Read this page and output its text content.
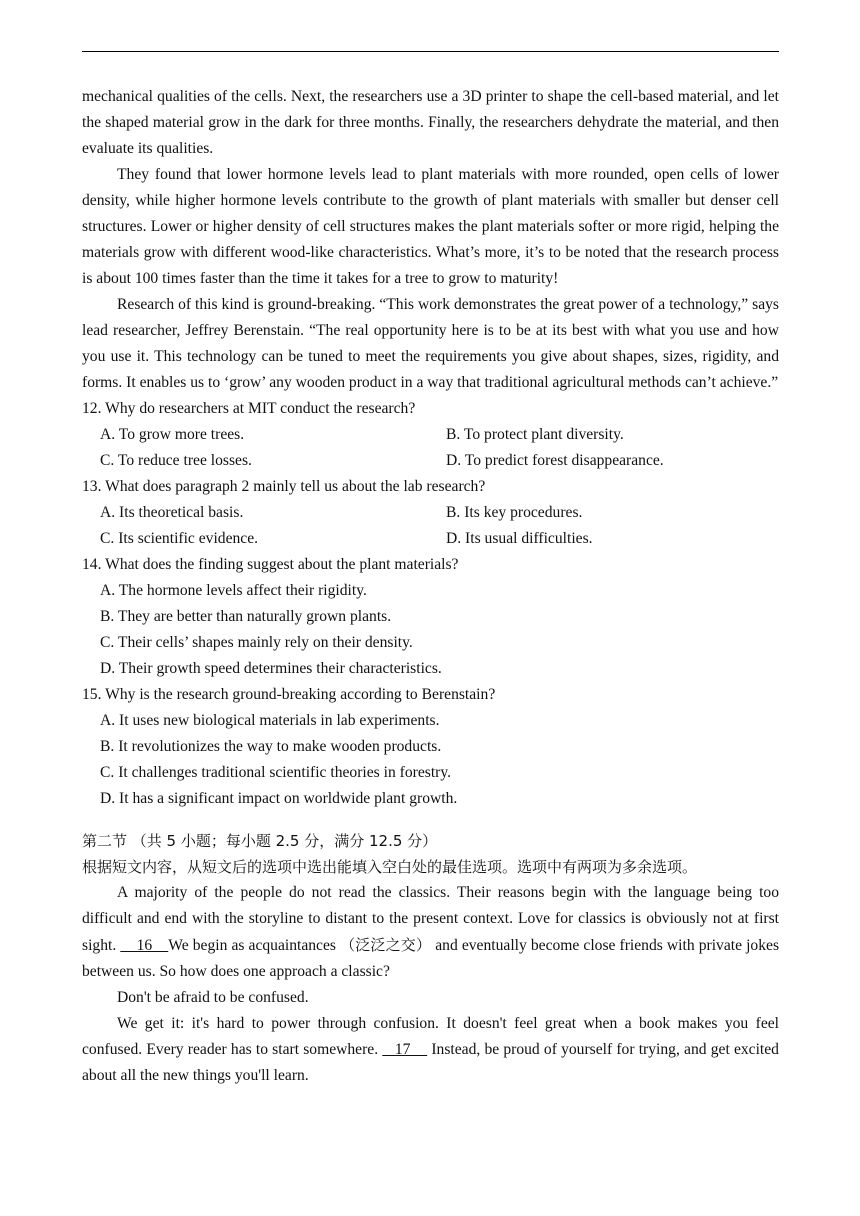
mechanical qualities of the cells. Next, the researchers use a 3D printer to shape the cell-based material, and let the shaped material grow in the dark for three months. Finally, the researchers dehydrate the material, and then evaluate its qualities.

They found that lower hormone levels lead to plant materials with more rounded, open cells of lower density, while higher hormone levels contribute to the growth of plant materials with smaller but denser cell structures. Lower or higher density of cell structures makes the plant materials softer or more rigid, helping the materials grow with different wood-like characteristics. What’s more, it’s to be noted that the research process is about 100 times faster than the time it takes for a tree to grow to maturity!

Research of this kind is ground-breaking. “This work demonstrates the great power of a technology,” says lead researcher, Jeffrey Berenstain. “The real opportunity here is to be at its best with what you use and how you use it. This technology can be tuned to meet the requirements you give about shapes, sizes, rigidity, and forms. It enables us to ‘grow’ any wooden product in a way that traditional agricultural methods can’t achieve.”

12. Why do researchers at MIT conduct the research?

A. To grow more trees.	B. To protect plant diversity.
C. To reduce tree losses.	D. To predict forest disappearance.

13. What does paragraph 2 mainly tell us about the lab research?

A. Its theoretical basis.	B. Its key procedures.
C. Its scientific evidence.	D. Its usual difficulties.

14. What does the finding suggest about the plant materials?

A. The hormone levels affect their rigidity.
B. They are better than naturally grown plants.
C. Their cells’ shapes mainly rely on their density.
D. Their growth speed determines their characteristics.

15. Why is the research ground-breaking according to Berenstain?

A. It uses new biological materials in lab experiments.
B. It revolutionizes the way to make wooden products.
C. It challenges traditional scientific theories in forestry.
D. It has a significant impact on worldwide plant growth.

第二节 （共 5 小题；每小题 2.5 分，满分 12.5 分）

根据短文内容，从短文后的选项中选出能填入空白处的最佳选项。选项中有两项为多余选项。

A majority of the people do not read the classics. Their reasons begin with the language being too difficult and end with the storyline to distant to the present context. Love for classics is obviously not at first sight.     16    We begin as acquaintances （泛泛之交） and eventually become close friends with private jokes between us. So how does one approach a classic?

Don't be afraid to be confused.

We get it: it's hard to power through confusion. It doesn't feel great when a book makes you feel confused. Every reader has to start somewhere.    17     Instead, be proud of yourself for trying, and get excited about all the new things you'll learn.
